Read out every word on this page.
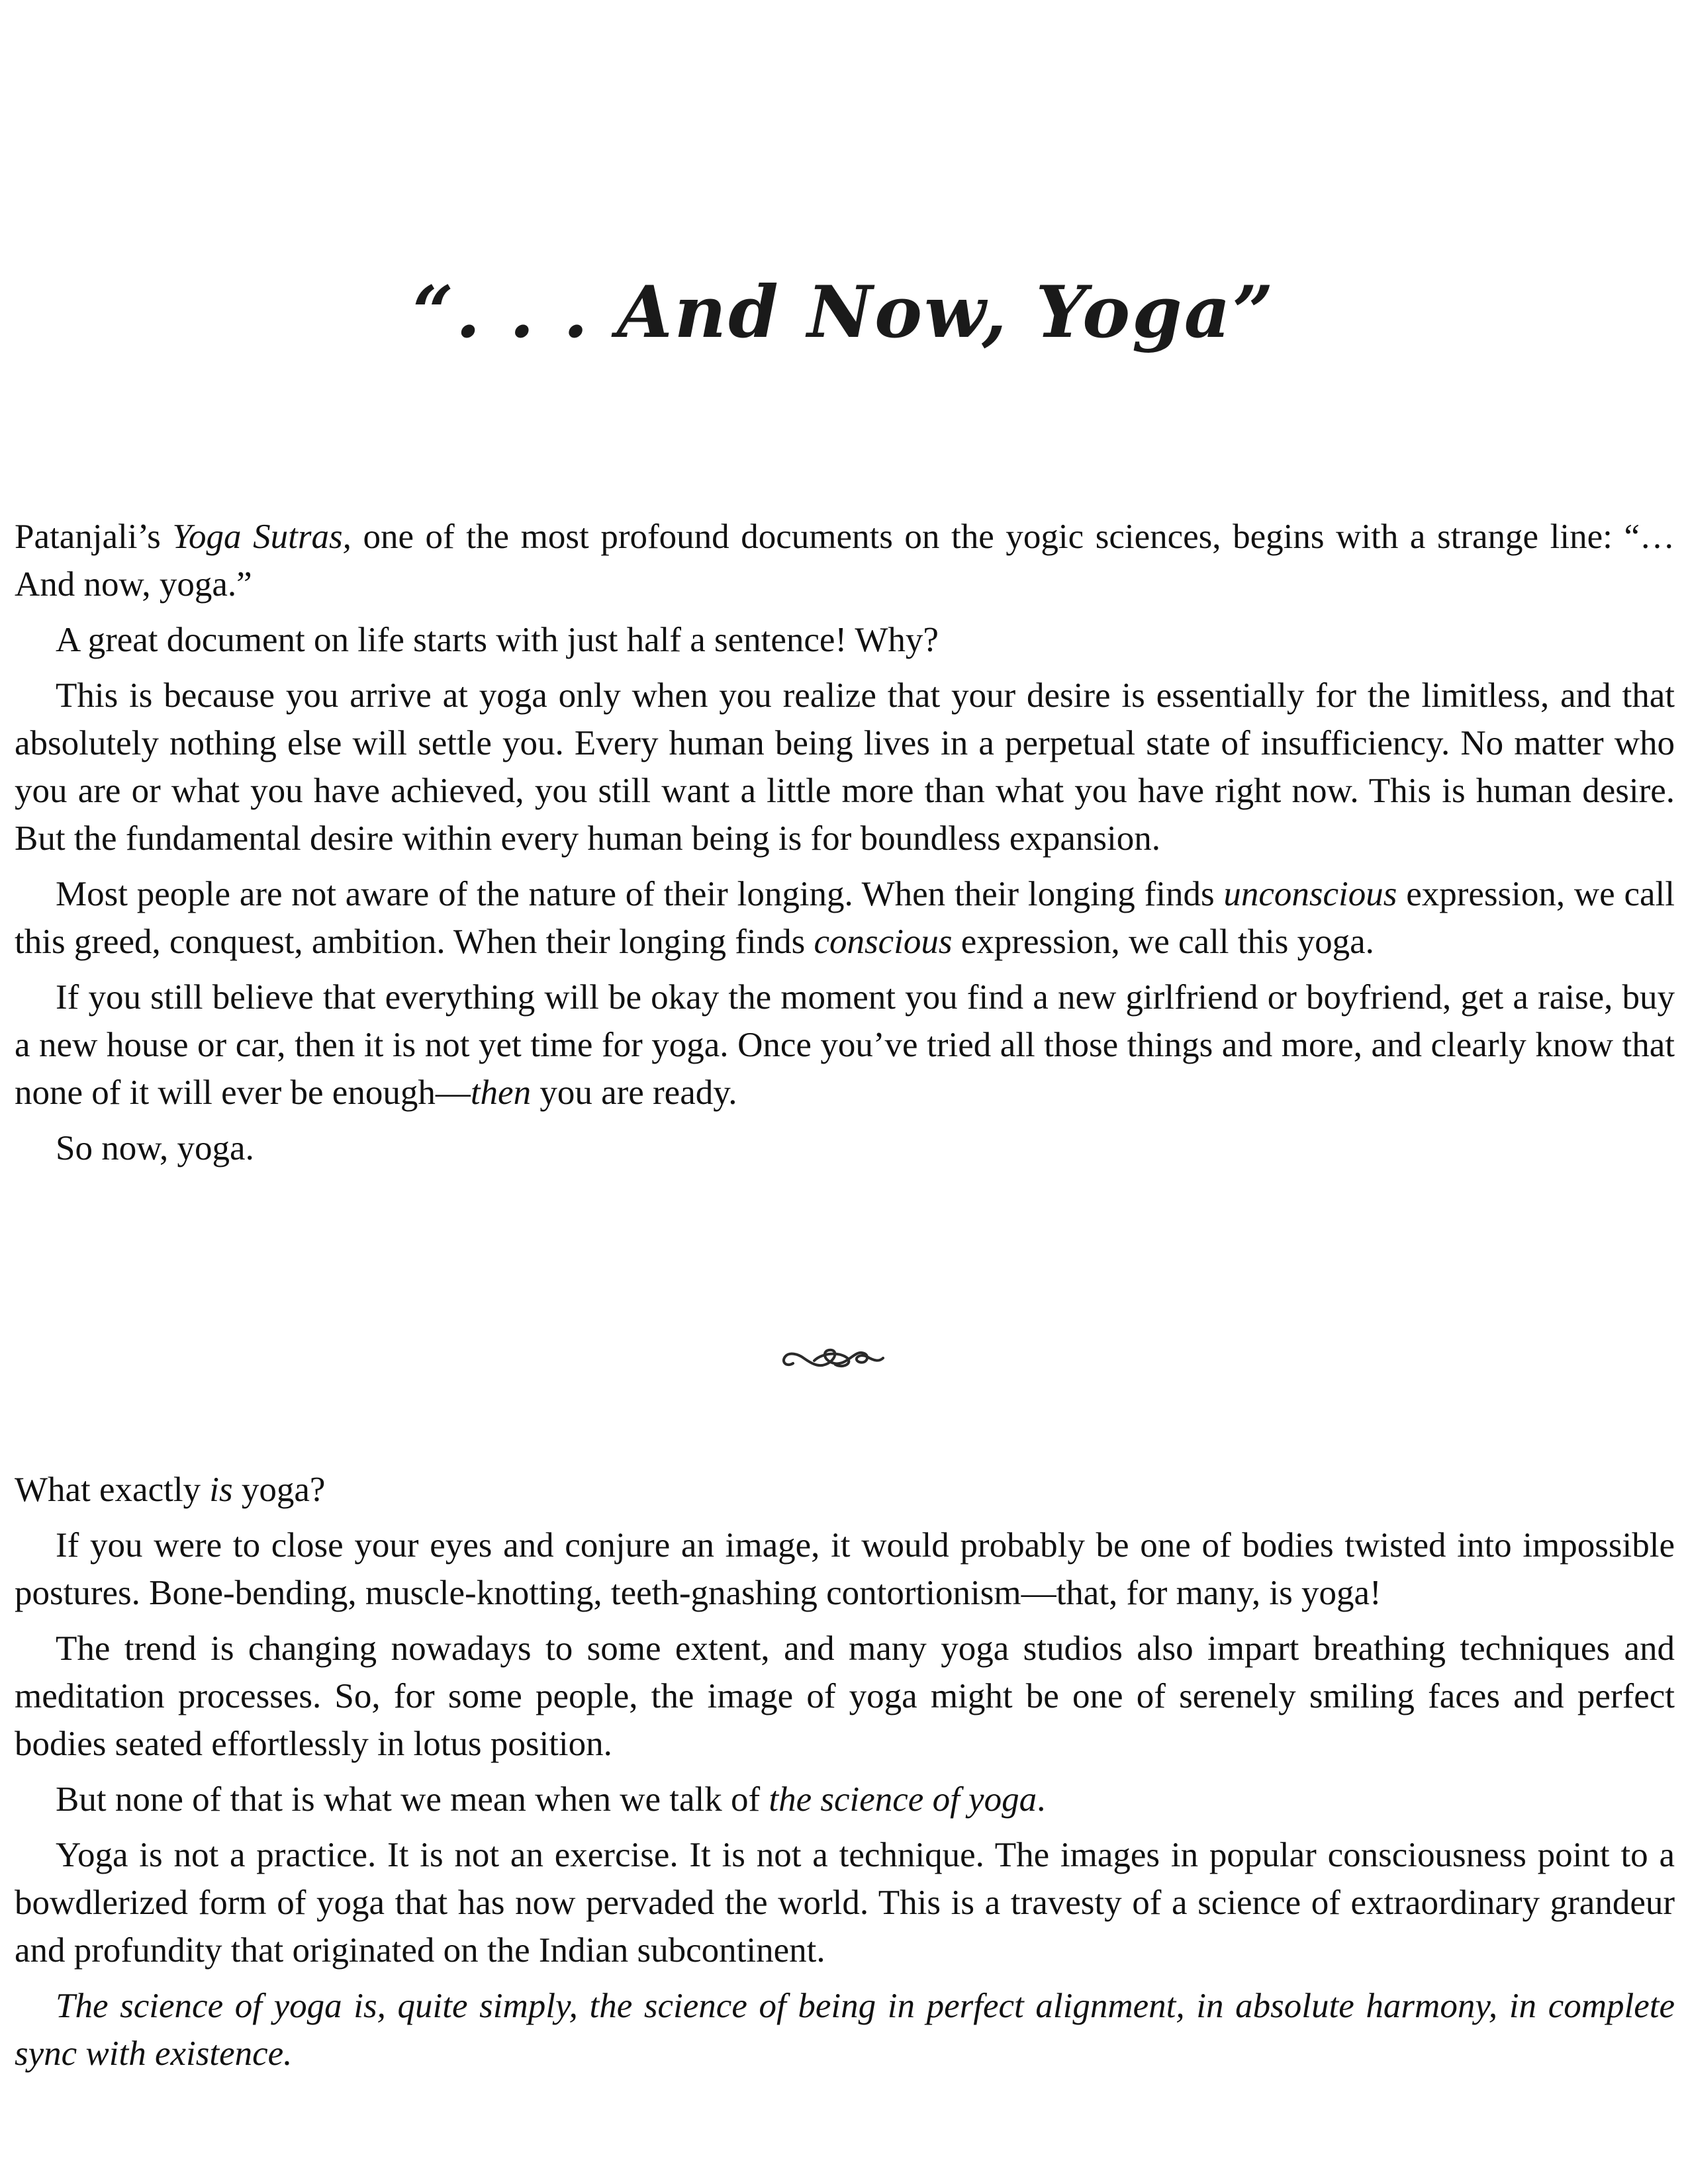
“. . . And Now, Yoga”

Patanjali’s Yoga Sutras, one of the most profound documents on the yogic sciences, begins with a strange line: “…And now, yoga.”

A great document on life starts with just half a sentence! Why?

This is because you arrive at yoga only when you realize that your desire is essentially for the limitless, and that absolutely nothing else will settle you. Every human being lives in a perpetual state of insufficiency. No matter who you are or what you have achieved, you still want a little more than what you have right now. This is human desire. But the fundamental desire within every human being is for boundless expansion.

Most people are not aware of the nature of their longing. When their longing finds unconscious expression, we call this greed, conquest, ambition. When their longing finds conscious expression, we call this yoga.

If you still believe that everything will be okay the moment you find a new girlfriend or boyfriend, get a raise, buy a new house or car, then it is not yet time for yoga. Once you’ve tried all those things and more, and clearly know that none of it will ever be enough—then you are ready.

So now, yoga.

What exactly is yoga?

If you were to close your eyes and conjure an image, it would probably be one of bodies twisted into impossible postures. Bone-bending, muscle-knotting, teeth-gnashing contortionism—that, for many, is yoga!

The trend is changing nowadays to some extent, and many yoga studios also impart breathing techniques and meditation processes. So, for some people, the image of yoga might be one of serenely smiling faces and perfect bodies seated effortlessly in lotus position.

But none of that is what we mean when we talk of the science of yoga.

Yoga is not a practice. It is not an exercise. It is not a technique. The images in popular consciousness point to a bowdlerized form of yoga that has now pervaded the world. This is a travesty of a science of extraordinary grandeur and profundity that originated on the Indian subcontinent.

The science of yoga is, quite simply, the science of being in perfect alignment, in absolute harmony, in complete sync with existence.
